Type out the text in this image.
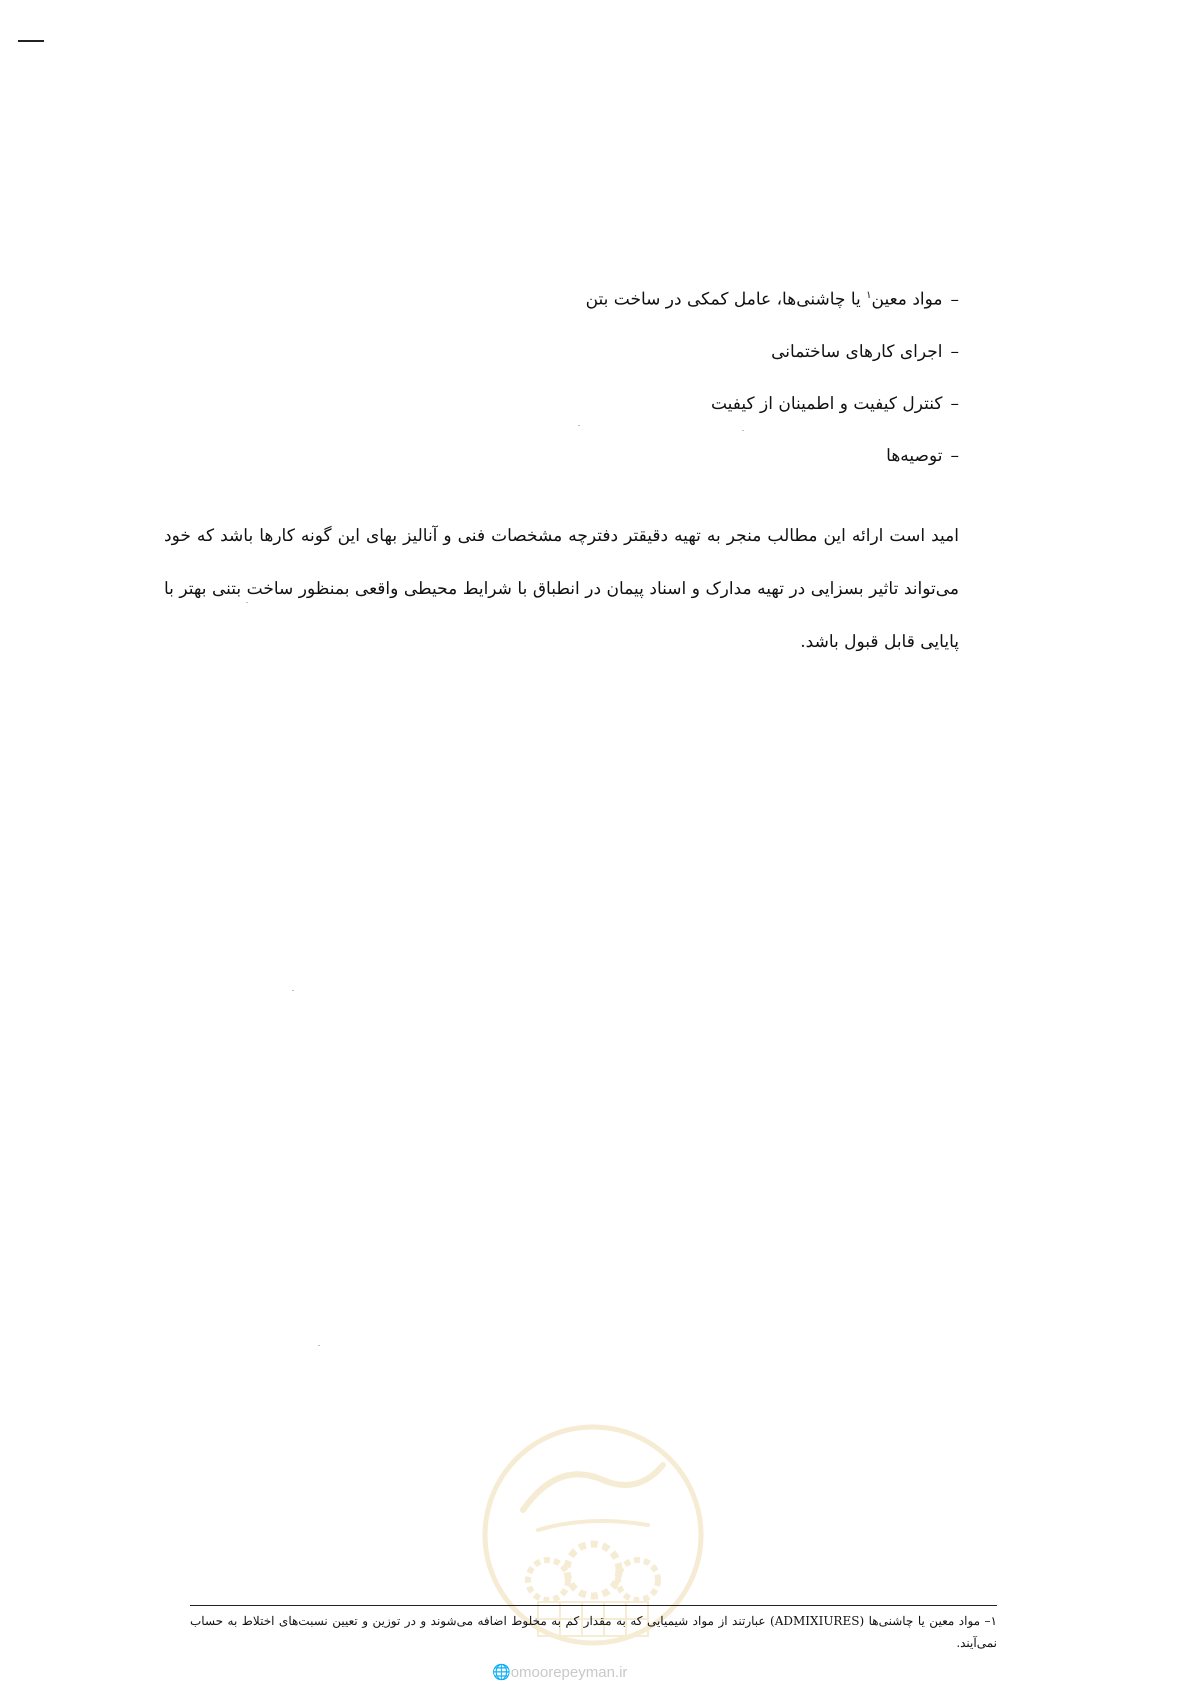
–مواد معین$^۱$ یا چاشنی‌ها، عامل کمکی در ساخت بتن
–اجرای کارهای ساختمانی
–کنترل کیفیت و اطمینان از کیفیت
–توصیه‌ها

امید است ارائه این مطالب منجر به تهیه دقیقتر دفترچه مشخصات فنی و آنالیز بهای این گونه کارها باشد که خود می‌تواند تاثیر بسزایی در تهیه مدارک و اسناد پیمان در انطباق با شرایط محیطی واقعی بمنظور ساخت بتنی بهتر با پایایی قابل قبول باشد.

۱– مواد معین یا چاشنی‌ها (ADMIXIURES) عبارتند از مواد شیمیایی که به مقدار کم به مخلوط اضافه می‌شوند و در توزین و تعیین نسبت‌های اختلاط به حساب نمی‌آیند.

🌐omoorepeyman.ir
